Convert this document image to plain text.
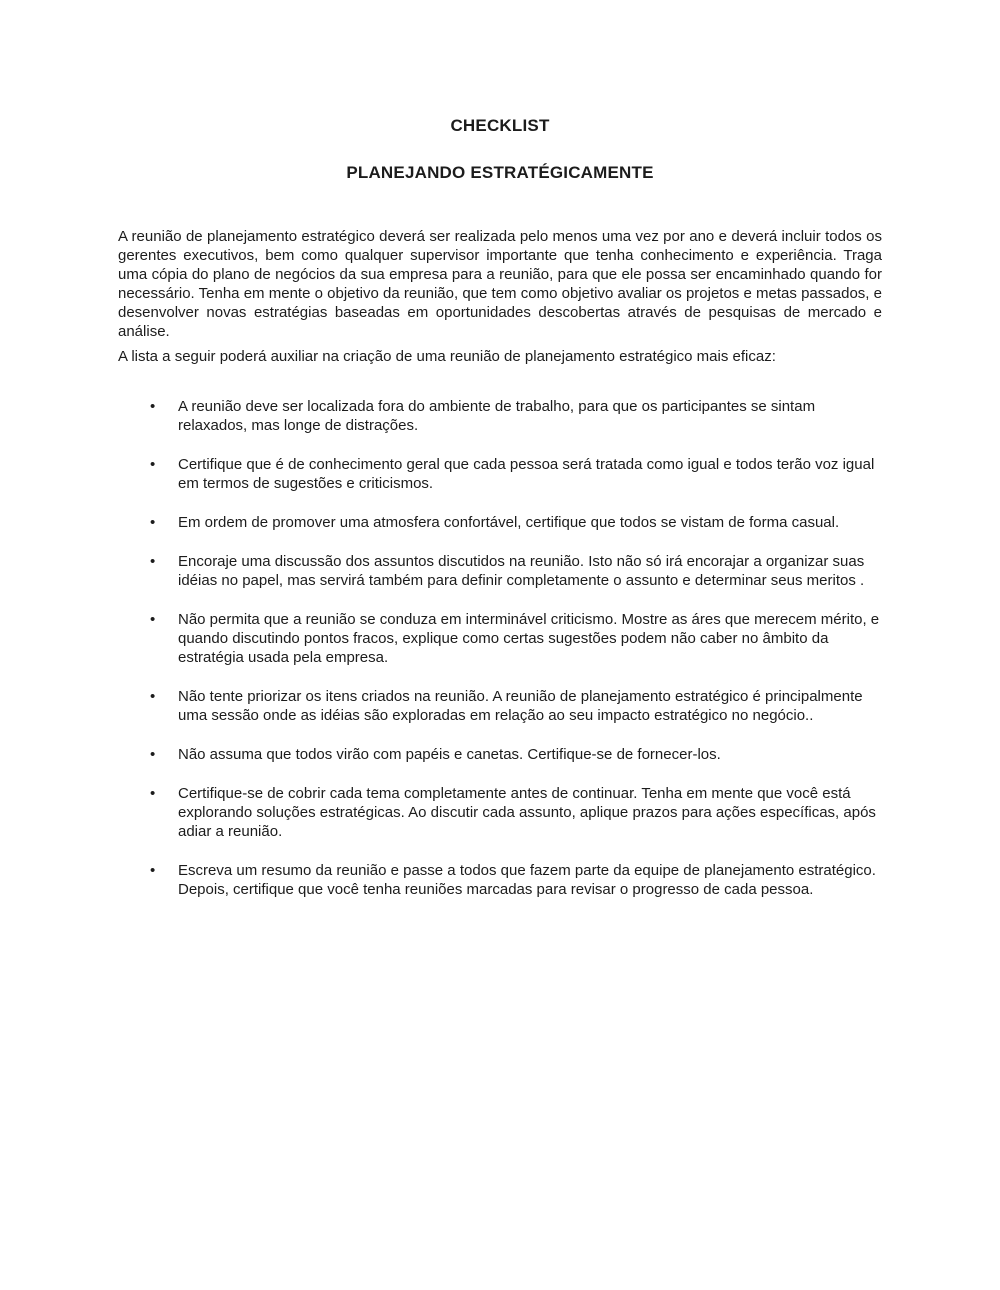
CHECKLIST
PLANEJANDO ESTRATÉGICAMENTE

A reunião de planejamento estratégico deverá ser realizada pelo menos uma vez por ano e deverá incluir todos os gerentes executivos, bem como qualquer supervisor importante que tenha conhecimento e experiência. Traga uma cópia do plano de negócios da sua empresa para a reunião, para que ele possa ser encaminhado quando for necessário. Tenha em mente o objetivo da reunião, que tem como objetivo avaliar os projetos e metas passados, e desenvolver novas estratégias baseadas em oportunidades descobertas através de pesquisas de mercado e análise.

A lista a seguir poderá auxiliar na criação de uma reunião de planejamento estratégico mais eficaz:

• A reunião deve ser localizada fora do ambiente de trabalho, para que os participantes se sintam relaxados, mas longe de distrações.
• Certifique que é de conhecimento geral que cada pessoa será tratada como igual e todos terão voz igual em termos de sugestões e criticismos.
• Em ordem de promover uma atmosfera confortável, certifique que todos se vistam de forma casual.
• Encoraje uma discussão dos assuntos discutidos na reunião. Isto não só irá encorajar a organizar suas idéias no papel, mas servirá também para definir completamente o assunto e determinar seus meritos .
• Não permita que a reunião se conduza em interminável criticismo. Mostre as áres que merecem mérito, e quando discutindo pontos fracos, explique como certas sugestões podem não caber no âmbito da estratégia usada pela empresa.
• Não tente priorizar os itens criados na reunião. A reunião de planejamento estratégico é principalmente uma sessão onde as idéias são exploradas em relação ao seu impacto estratégico no negócio..
• Não assuma que todos virão com papéis e canetas. Certifique-se de fornecer-los.
• Certifique-se de cobrir cada tema completamente antes de continuar. Tenha em mente que você está explorando soluções estratégicas. Ao discutir cada assunto, aplique prazos para ações específicas, após adiar a reunião.
• Escreva um resumo da reunião e passe a todos que fazem parte da equipe de planejamento estratégico. Depois, certifique que você tenha reuniões marcadas para revisar o progresso de cada pessoa.
